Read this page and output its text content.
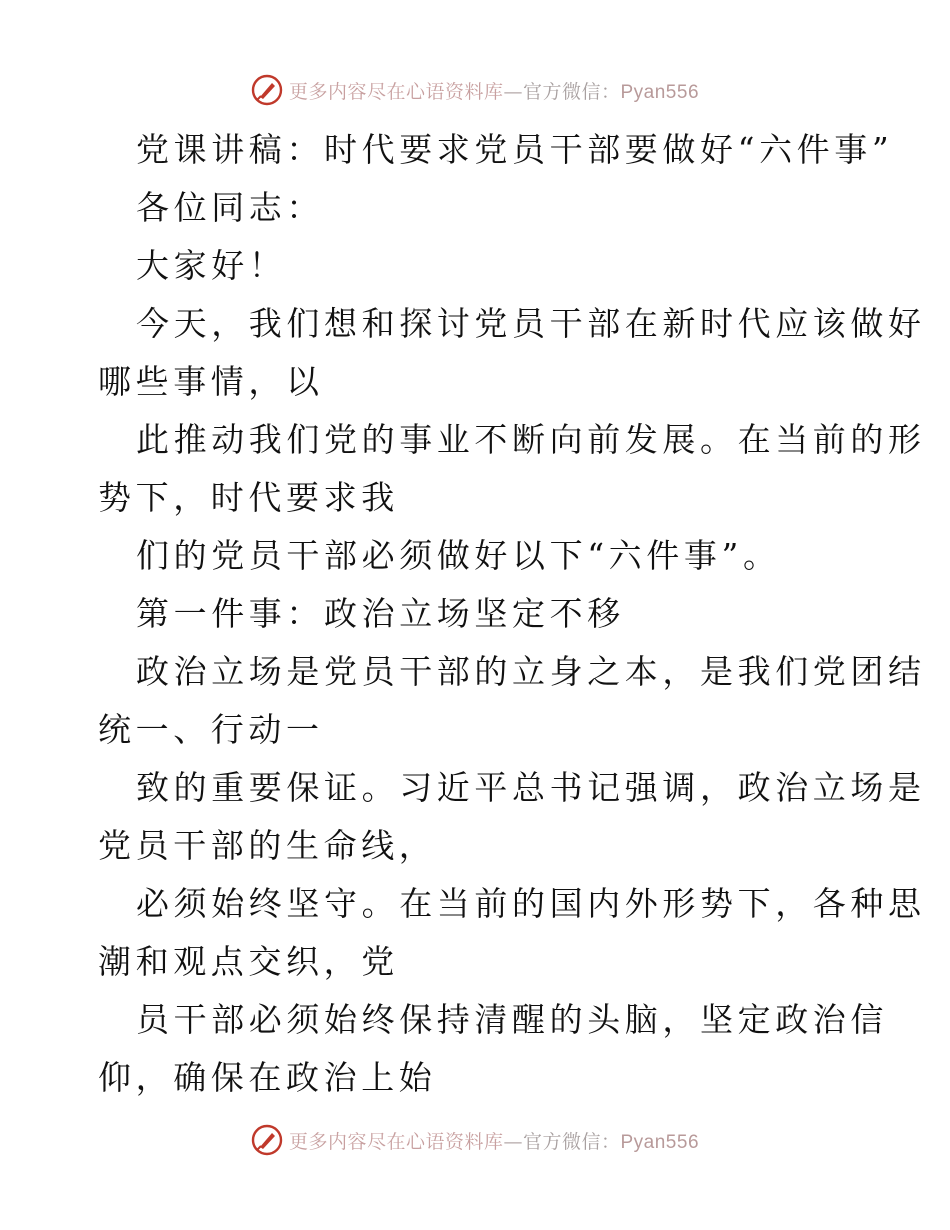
更多内容尽在心语资料库—官方微信：Pyan556
党课讲稿：时代要求党员干部要做好“六件事”
各位同志：
大家好！
今天，我们想和探讨党员干部在新时代应该做好
哪些事情，以
此推动我们党的事业不断向前发展。在当前的形
势下，时代要求我
们的党员干部必须做好以下“六件事”。
第一件事：政治立场坚定不移
政治立场是党员干部的立身之本，是我们党团结
统一、行动一
致的重要保证。习近平总书记强调，政治立场是
党员干部的生命线，
必须始终坚守。在当前的国内外形势下，各种思
潮和观点交织，党
员干部必须始终保持清醒的头脑，坚定政治信
仰，确保在政治上始
更多内容尽在心语资料库—官方微信：Pyan556
